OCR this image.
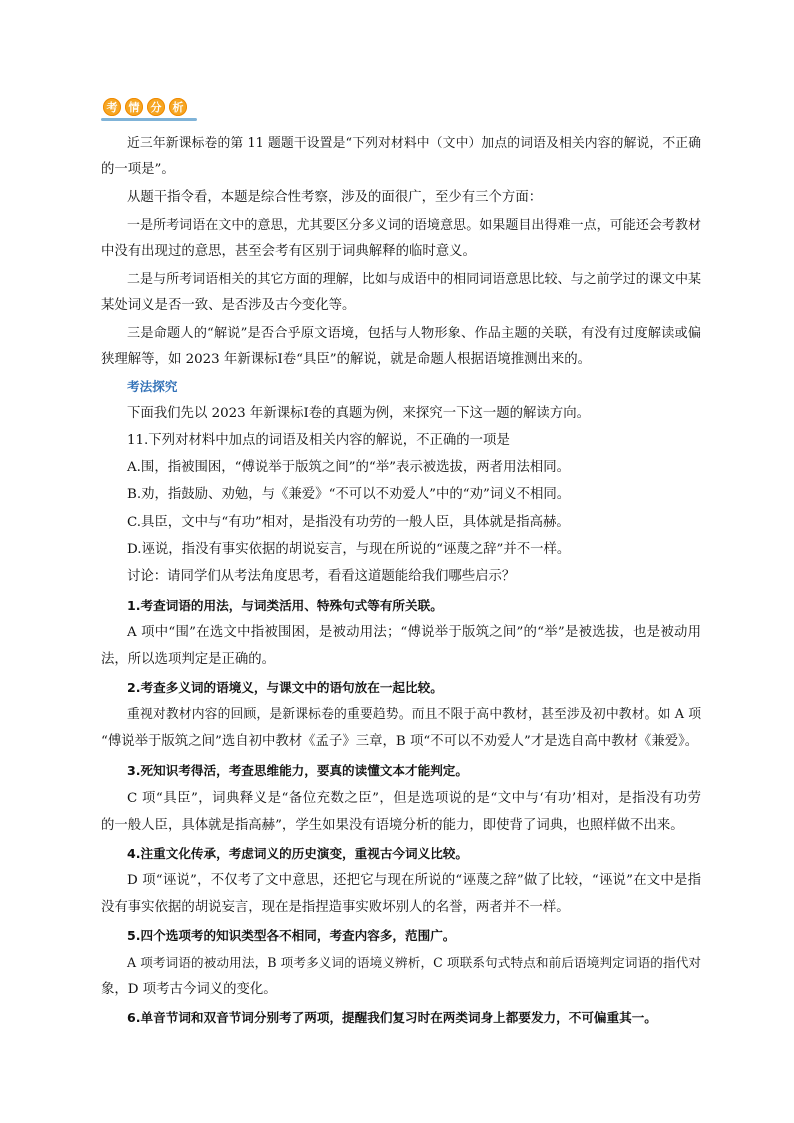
考	情	分	析
近三年新课标卷的第 11 题题干设置是“下列对材料中（文中）加点的词语及相关内容的解说，不正确
的一项是”。
从题干指令看，本题是综合性考察，涉及的面很广，至少有三个方面：
一是所考词语在文中的意思，尤其要区分多义词的语境意思。如果题目出得难一点，可能还会考教材
中没有出现过的意思，甚至会考有区别于词典解释的临时意义。
二是与所考词语相关的其它方面的理解，比如与成语中的相同词语意思比较、与之前学过的课文中某
某处词义是否一致、是否涉及古今变化等。
三是命题人的“解说”是否合乎原文语境，包括与人物形象、作品主题的关联，有没有过度解读或偏
狭理解等，如 2023 年新课标Ⅰ卷“具臣”的解说，就是命题人根据语境推测出来的。
考法探究
下面我们先以 2023 年新课标Ⅰ卷的真题为例，来探究一下这一题的解读方向。
11.下列对材料中加点的词语及相关内容的解说，不正确的一项是
A.围，指被围困，“傅说举于版筑之间”的“举”表示被选拔，两者用法相同。
B.劝，指鼓励、劝勉，与《兼爱》“不可以不劝爱人”中的“劝”词义不相同。
C.具臣，文中与“有功”相对，是指没有功劳的一般人臣，具体就是指高赫。
D.诬说，指没有事实依据的胡说妄言，与现在所说的“诬蔑之辞”并不一样。
讨论：请同学们从考法角度思考，看看这道题能给我们哪些启示？
1.考查词语的用法，与词类活用、特殊句式等有所关联。
A 项中“围”在选文中指被围困，是被动用法；“傅说举于版筑之间”的“举”是被选拔，也是被动用
法，所以选项判定是正确的。
2.考查多义词的语境义，与课文中的语句放在一起比较。
重视对教材内容的回顾，是新课标卷的重要趋势。而且不限于高中教材，甚至涉及初中教材。如 A 项
“傅说举于版筑之间”选自初中教材《孟子》三章，B 项“不可以不劝爱人”才是选自高中教材《兼爱》。
3.死知识考得活，考查思维能力，要真的读懂文本才能判定。
C 项“具臣”，词典释义是“备位充数之臣”，但是选项说的是“文中与‘有功’相对，是指没有功劳
的一般人臣，具体就是指高赫”，学生如果没有语境分析的能力，即使背了词典，也照样做不出来。
4.注重文化传承，考虑词义的历史演变，重视古今词义比较。
D 项“诬说”，不仅考了文中意思，还把它与现在所说的“诬蔑之辞”做了比较，“诬说”在文中是指
没有事实依据的胡说妄言，现在是指捏造事实败坏别人的名誉，两者并不一样。
5.四个选项考的知识类型各不相同，考查内容多，范围广。
A 项考词语的被动用法，B 项考多义词的语境义辨析，C 项联系句式特点和前后语境判定词语的指代对
象，D 项考古今词义的变化。
6.单音节词和双音节词分别考了两项，提醒我们复习时在两类词身上都要发力，不可偏重其一。
